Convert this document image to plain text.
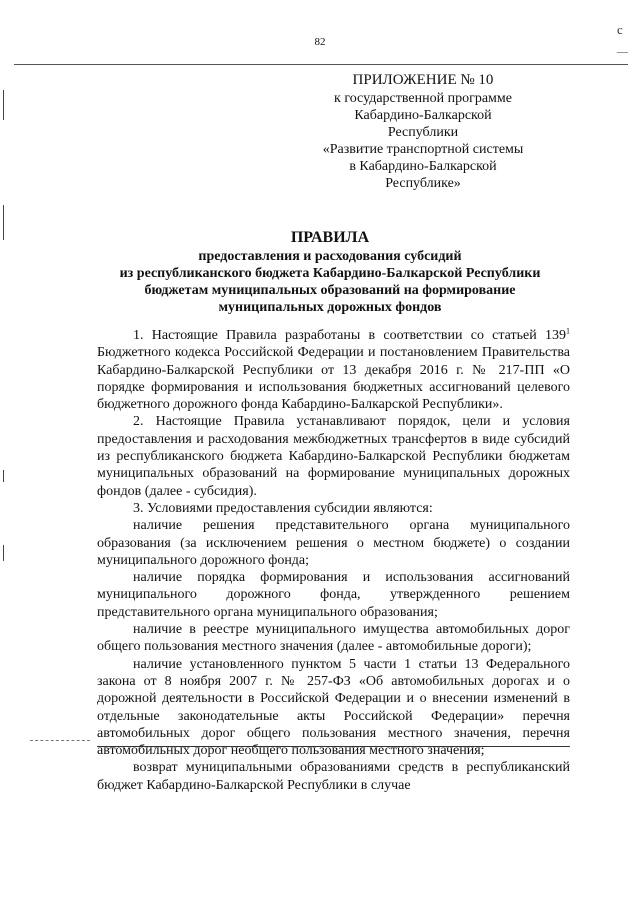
82
с
—
ПРИЛОЖЕНИЕ № 10
к государственной программе
Кабардино-Балкарской Республики
«Развитие транспортной системы
в Кабардино-Балкарской
Республике»
ПРАВИЛА
предоставления и расходования субсидий
из республиканского бюджета Кабардино-Балкарской Республики
бюджетам муниципальных образований на формирование
муниципальных дорожных фондов

1. Настоящие Правила разработаны в соответствии со статьей $139^1$ Бюджетного кодекса Российской Федерации и постановлением Правительства Кабардино-Балкарской Республики от 13 декабря 2016 г. № 217-ПП «О порядке формирования и использования бюджетных ассигнований целевого бюджетного дорожного фонда Кабардино-Балкарской Республики».

2. Настоящие Правила устанавливают порядок, цели и условия предоставления и расходования межбюджетных трансфертов в виде субсидий из республиканского бюджета Кабардино-Балкарской Республики бюджетам муниципальных образований на формирование муниципальных дорожных фондов (далее - субсидия).

3. Условиями предоставления субсидии являются:

наличие решения представительного органа муниципального образования (за исключением решения о местном бюджете) о создании муниципального дорожного фонда;

наличие порядка формирования и использования ассигнований муниципального дорожного фонда, утвержденного решением представительного органа муниципального образования;

наличие в реестре муниципального имущества автомобильных дорог общего пользования местного значения (далее - автомобильные дороги);

наличие установленного пунктом 5 части 1 статьи 13 Федерального закона от 8 ноября 2007 г. № 257-ФЗ «Об автомобильных дорогах и о дорожной деятельности в Российской Федерации и о внесении изменений в отдельные законодательные акты Российской Федерации» перечня автомобильных дорог общего пользования местного значения, перечня автомобильных дорог необщего пользования местного значения;

возврат муниципальными образованиями средств в республиканский бюджет Кабардино-Балкарской Республики в случае
